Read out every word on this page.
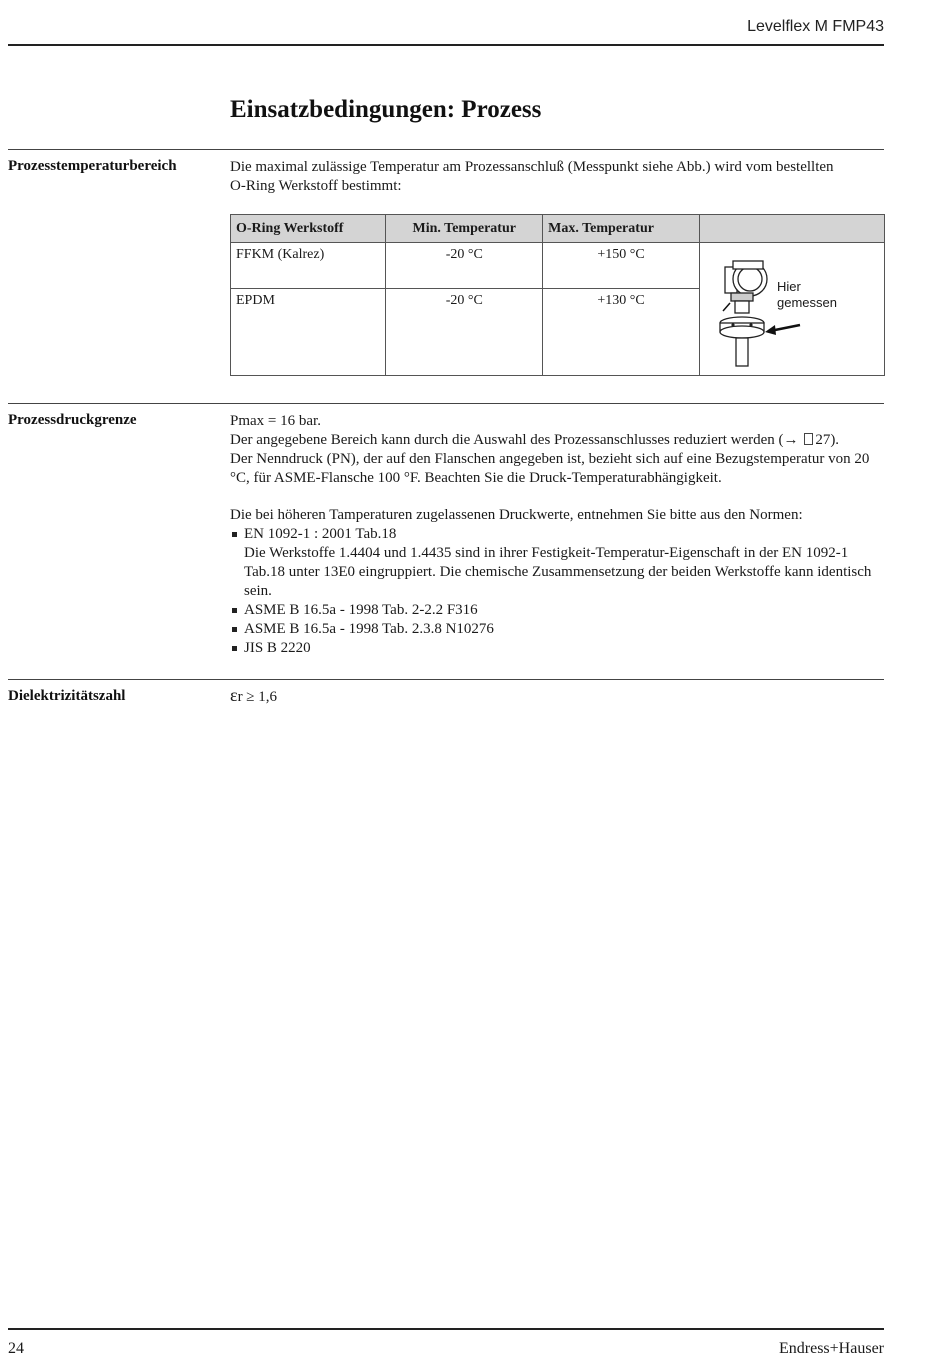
Levelflex M FMP43
Einsatzbedingungen: Prozess
Prozesstemperaturbereich	Die maximal zulässige Temperatur am Prozessanschluß (Messpunkt siehe Abb.) wird vom bestellten O-Ring Werkstoff bestimmt:
O-Ring Werkstoff	Min. Temperatur	Max. Temperatur	
FFKM (Kalrez)	-20 °C	+150 °C	Hier
gemessen

EPDM	-20 °C	+130 °C	
Prozessdruckgrenze	Pmax = 16 bar.

Der angegebene Bereich kann durch die Auswahl des Prozessanschlusses reduziert werden (→ 27).

Der Nenndruck (PN), der auf den Flanschen angegeben ist, bezieht sich auf eine Bezugstemperatur von 20 °C, für ASME-Flansche 100 °F. Beachten Sie die Druck-Temperaturabhängigkeit.

Die bei höheren Tamperaturen zugelassenen Druckwerte, entnehmen Sie bitte aus den Normen:

EN 1092-1 : 2001 Tab.18
Die Werkstoffe 1.4404 und 1.4435 sind in ihrer Festigkeit-Temperatur-Eigenschaft in der EN 1092-1 Tab.18 unter 13E0 eingruppiert. Die chemische Zusammensetzung der beiden Werkstoffe kann identisch sein.
ASME B 16.5a - 1998 Tab. 2-2.2 F316
ASME B 16.5a - 1998 Tab. 2.3.8 N10276
JIS B 2220
Dielektrizitätszahl	εr ≥ 1,6
24	Endress+Hauser
